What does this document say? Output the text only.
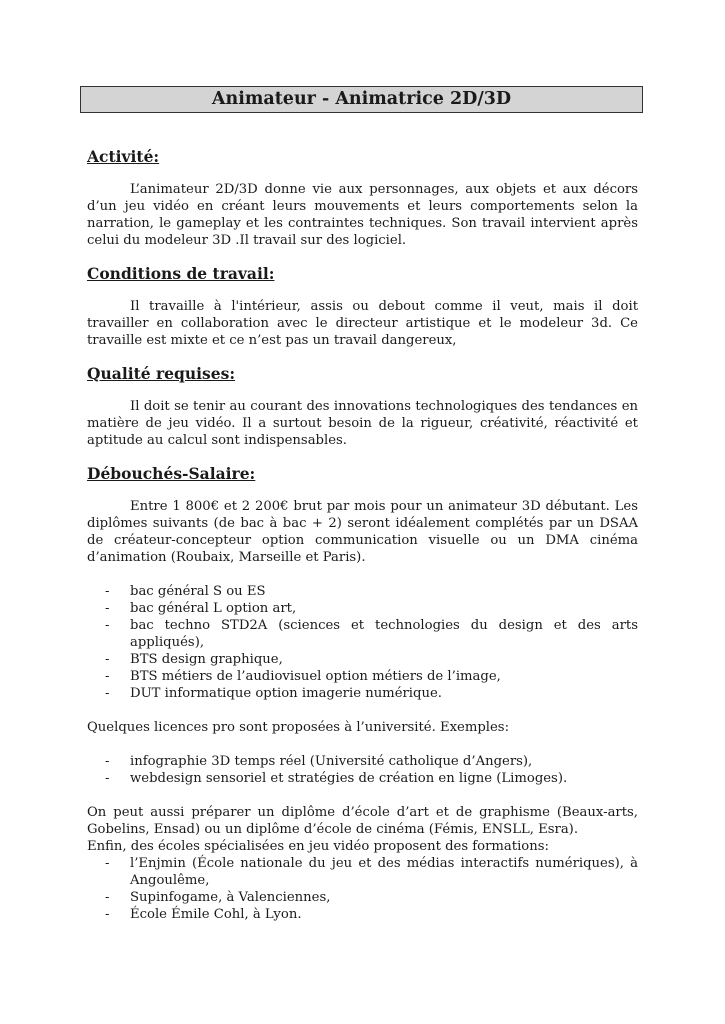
Animateur - Animatrice 2D/3D
Activité:

L’animateur 2D/3D donne vie aux personnages, aux objets et aux décors d’un jeu vidéo en créant leurs mouvements et leurs comportements selon la narration, le gameplay et les contraintes techniques. Son travail intervient après celui du modeleur 3D .Il travail sur des logiciel.

Conditions de travail:

Il travaille à l'intérieur, assis ou debout comme il veut, mais il doit travailler en collaboration avec le directeur artistique et le modeleur 3d. Ce travaille est mixte et ce n’est pas un travail dangereux,

Qualité requises:

Il doit se tenir au courant des innovations technologiques des tendances en matière de jeu vidéo. Il a surtout besoin de la rigueur, créativité, réactivité et aptitude au calcul sont indispensables.

Débouchés-Salaire:

Entre 1 800€ et 2 200€ brut par mois pour un animateur 3D débutant. Les diplômes suivants (de bac à bac + 2) seront idéalement complétés par un DSAA de créateur-concepteur option communication visuelle ou un DMA cinéma d’animation (Roubaix, Marseille et Paris).

- bac général S ou ES
- bac général L option art,
- bac techno STD2A (sciences et technologies du design et des arts appliqués),
- BTS design graphique,
- BTS métiers de l’audiovisuel option métiers de l’image,
- DUT informatique option imagerie numérique.

Quelques licences pro sont proposées à l’université. Exemples:

- infographie 3D temps réel (Université catholique d’Angers),
- webdesign sensoriel et stratégies de création en ligne (Limoges).

On peut aussi préparer un diplôme d’école d’art et de graphisme (Beaux-arts, Gobelins, Ensad) ou un diplôme d’école de cinéma (Fémis, ENSLL, Esra).

Enfin, des écoles spécialisées en jeu vidéo proposent des formations:

- l’Enjmin (École nationale du jeu et des médias interactifs numériques), à Angoulême,
- Supinfogame, à Valenciennes,
- École Émile Cohl, à Lyon.
